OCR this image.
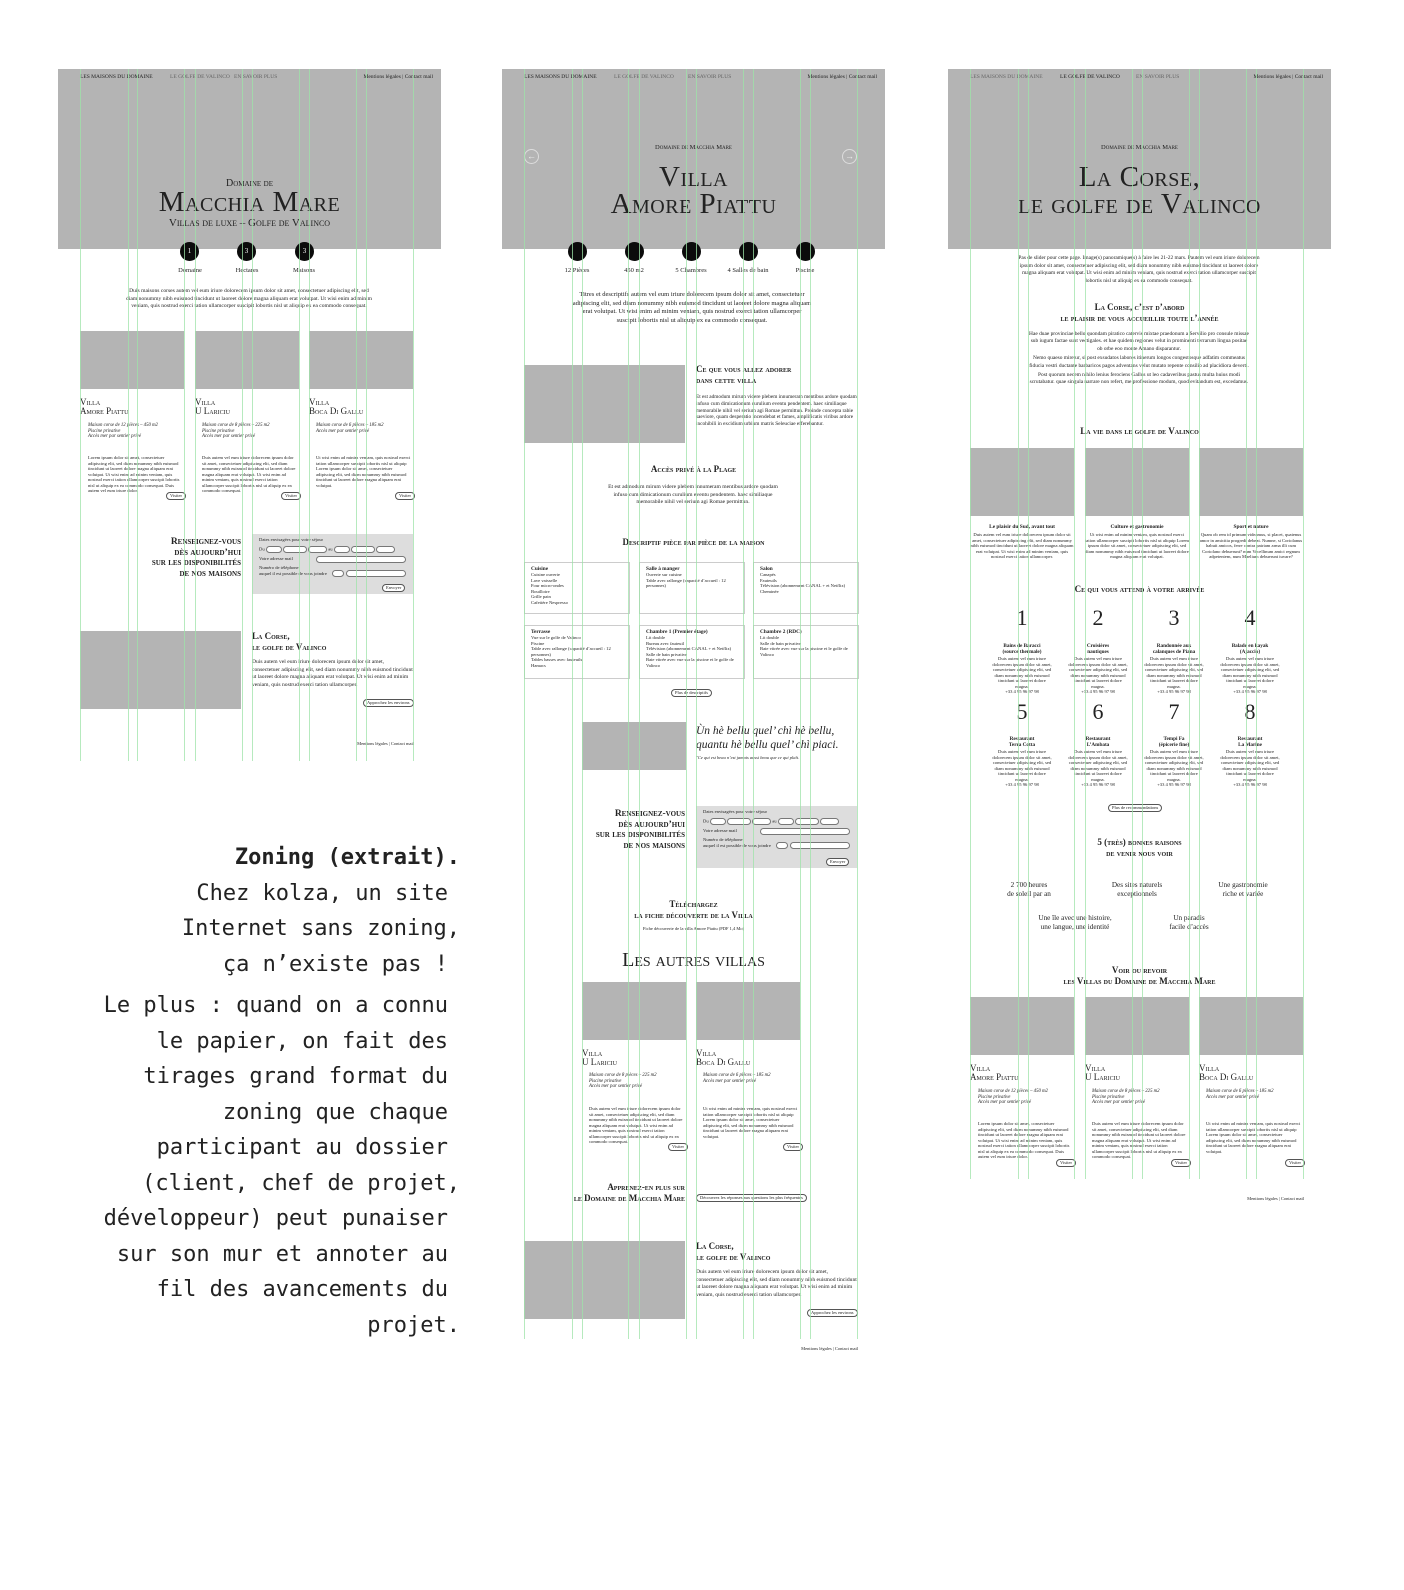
LES MAISONS DU DOMAINE	LE GOLFE DE VALINCO EN SAVOIR PLUS	Mentions légales | Contact mail
Domaine de
Macchia Mare
Villas de luxe – Golfe de Valinco
1	3	3
Domaine	Hectares	Maisons
Duis maisons corses autem vel eum iriure dolorecem ipsum dolor sit amet, consectetuer adipiscing elit, sed diam nonummy nibh euismod tincidunt ut laoreet dolore magna aliquam erat volutpat. Ut wisi enim ad minim veniam, quis nostrud exerci tation ullamcorper suscipit lobortis nisl ut aliquip ex ea commodo consequat.
Villa
Amore Piattu
Villa
U Lariciu
Villa
Boca Di Gallu
Maison corse de 12 pièces – 450 m2
Piscine privative
Accès mer par sentier privé
Maison corse de 8 pièces – 225 m2
Piscine privative
Accès mer par sentier privé
Maison corse de 6 pièces – 185 m2
Accès mer par sentier privé
Lorem ipsum dolor sit amet, consectetuer adipiscing elit, sed diam nonummy nibh euismod tincidunt ut laoreet dolore magna aliquam erat volutpat. Ut wisi enim ad minim veniam, quis nostrud exerci tation ullamcorper suscipit lobortis nisl ut aliquip ex ea commodo consequat. Duis autem vel eum iriure dolor.
Duis autem vel eum iriure dolorecem ipsum dolor sit amet, consectetuer adipiscing elit, sed diam nonummy nibh euismod tincidunt ut laoreet dolore magna aliquam erat volutpat. Ut wisi enim ad minim veniam, quis nostrud exerci tation ullamcorper suscipit lobortis nisl ut aliquip ex ea commodo consequat.
Ut wisi enim ad minim veniam, quis nostrud exerci tation ullamcorper suscipit lobortis nisl ut aliquip Lorem ipsum dolor sit amet, consectetuer adipiscing elit, sed diam nonummy nibh euismod tincidunt ut laoreet dolore magna aliquam erat volutpat.
Visiter	Visiter	Visiter
Renseignez-vous
dès aujourd’hui
sur les disponibilités
de nos maisons
Dates envisagées pour votre séjour
Du	au
Votre adresse mail
Numéro de téléphone
auquel il est possible de vous joindre
Envoyer
La Corse,
le golfe de Valinco
Duis autem vel eum iriure dolorecem ipsum dolor sit amet, consectetuer adipiscing elit, sed diam nonummy nibh euismod tincidunt ut laoreet dolore magna aliquam erat volutpat. Ut wisi enim ad minim veniam, quis nostrud exerci tation ullamcorper.
Approchez les environs
Mentions légales | Contact mail
LES MAISONS DU DOMAINE	LE GOLFE DE VALINCO	EN SAVOIR PLUS	Mentions légales | Contact mail
←	→
Domaine de Macchia Mare
Villa
Amore Piattu
12 Pièces	450 m2	5 Chambres	4 Salles de bain	Piscine
Titres et descriptifs autem vel eum iriure dolorecem ipsum dolor sit amet, consectetuer adipiscing elit, sed diam nonummy nibh euismod tincidunt ut laoreet dolore magna aliquam erat volutpat. Ut wisi enim ad minim veniam, quis nostrud exerci tation ullamcorper suscipit lobortis nisl ut aliquip ex ea commodo consequat.
Ce que vous allez adorer
dans cette villa
Et est admodum mirum videre plebem innumeram mentibus ardore quodam infuso cum dimicationum curulium eventu pendentem. haec similiaque memorabile nihil vel serium agi Romae permittun. Proinde concepta rabie saeviore, quam desperatio incendebat et fames, amplificatis viribus ardore incohibili in excidium urbium matris Seleuciae efferebantur.
Accès privé à la Plage
Et est admodum mirum videre plebem innumeram mentibus ardore quodam infuso cum dimicationum curulium eventu pendentem. haec similiaque memorabile nihil vel serium agi Romae permittun.
Descriptif pièce par pièce de la maison
Cuisine
Cuisine ouverte
Lave vaisselle
Four micro-ondes
Bouilloire
Grille pain
Cafetière Nespresso
Salle à manger
Ouverte sur cuisine
Table avec rallonge (capacité d’accueil : 12 personnes)
Salon
Canapés
Fauteuils
Télévision (abonnement CANAL + et Netflix)
Cheminée
Terrasse
Vue sur le golfe de Valinco
Piscine
Table avec rallonge (capacité d’accueil : 12 personnes)
Tables basses avec fauteuils
Hamacs
Chambre 1 (Premier étage)
Lit double
Bureau avec fauteuil
Télévision (abonnement CANAL + et Netflix)
Salle de bain privative
Baie vitrée avec vue sur la piscine et le golfe de Valinco
Chambre 2 (RDC)
Lit double
Salle de bain privative
Baie vitrée avec vue sur la piscine et le golfe de Valinco
Plus de descriptifs
Ùn hè bellu quel’ chì hè bellu,
quantu hè bellu quel’ chì piaci.
"Ce qui est beau n’est jamais aussi beau que ce qui plaît.
Renseignez-vous
dès aujourd’hui
sur les disponibilités
de nos maisons
Dates envisagées pour votre séjour
Du	au
Votre adresse mail
Numéro de téléphone
auquel il est possible de vous joindre
Envoyer
Téléchargez
la fiche découverte de la Villa
Fiche découverte de la villa Amore Piattu (PDF 1,4 Mo)
Les autres villas
Villa
U Lariciu
Villa
Boca Di Gallu
Maison corse de 8 pièces – 225 m2
Piscine privative
Accès mer par sentier privé
Maison corse de 6 pièces – 185 m2
Accès mer par sentier privé
Duis autem vel eum iriure dolorecem ipsum dolor sit amet, consectetuer adipiscing elit, sed diam nonummy nibh euismod tincidunt ut laoreet dolore magna aliquam erat volutpat. Ut wisi enim ad minim veniam, quis nostrud exerci tation ullamcorper suscipit lobortis nisl ut aliquip ex ea commodo consequat.
Ut wisi enim ad minim veniam, quis nostrud exerci tation ullamcorper suscipit lobortis nisl ut aliquip Lorem ipsum dolor sit amet, consectetuer adipiscing elit, sed diam nonummy nibh euismod tincidunt ut laoreet dolore magna aliquam erat volutpat.
Visiter	Visiter
Apprenez-en plus sur
le Domaine de Macchia Mare	Découvrez les réponses aux questions les plus fréquentes
La Corse,
le golfe de Valinco
Duis autem vel eum iriure dolorecem ipsum dolor sit amet, consectetuer adipiscing elit, sed diam nonummy nibh euismod tincidunt ut laoreet dolore magna aliquam erat volutpat. Ut wisi enim ad minim veniam, quis nostrud exerci tation ullamcorper.
Approchez les environs
Mentions légales | Contact mail
LES MAISONS DU DOMAINE	LE GOLFE DE VALINCO	EN SAVOIR PLUS	Mentions légales | Contact mail
Domaine de Macchia Mare
La Corse,
le golfe de Valinco
Pas de slider pour cette page. Image(s) panoramique(s) à faire les 21-22 mars. Pautem vel eum iriure dolorecem ipsum dolor sit amet, consectetuer adipiscing elit, sed diam nonummy nibh euismod tincidunt ut laoreet dolore magna aliquam erat volutpat. Ut wisi enim ad minim veniam, quis nostrud exerci tation ullamcorper suscipit lobortis nisl ut aliquip ex ea commodo consequat.
La Corse, c’est d’abord
le plaisir de vous accueillir toute l’année
Hae duae provinciae bello quondam piratico catervis mixtae praedonum a Servilio pro consule missae sub iugum factae sunt vectigales. et hae quidem regiones velut in prominenti terrarum lingua positae ob orbe eoo monte Amano disparantur.
Nemo quaeso miretur, si post exsudatos labores itinerum longos congestosque adfatim commeatus fiducia vestri ductante barbaricos pagos adventans velut mutato repente consilio ad placidiora deverti.
Post quorum necem nihilo lenius ferociens Gallus ut leo cadaveribus pastus multa huius modi scrutabatur. quae singula narrare non refert, me professione modum, quod evitandum est, excedamus.
La vie dans le golfe de Valinco
Le plaisir du Sud, avant tout	Culture et gastronomie	Sport et nature
Duis autem vel eum iriure dolorecem ipsum dolor sit amet, consectetuer adipiscing elit, sed diam nonummy nibh euismod tincidunt ut laoreet dolore magna aliquam erat volutpat. Ut wisi enim ad minim veniam, quis nostrud exerci tation ullamcorper.
Ut wisi enim ad minim veniam, quis nostrud exerci tation ullamcorper suscipit lobortis nisl ut aliquip Lorem ipsum dolor sit amet, consectetuer adipiscing elit, sed diam nonummy nibh euismod tincidunt ut laoreet dolore magna aliquam erat volutpat.
Quam ob rem id primum videamus, si placet, quatenus amor in amicitia progredi debeat. Numne, si Coriolanus habuit amicos, ferre contra patriam arma illi cum Coriolano debuerunt? num Vecellinum amici regnum adpetentem, num Maelium debuerunt iuvare?
Ce qui vous attend à votre arrivée
1	2	3	4
Bains de Baracci
(source thermale)
Croisières
nautiques
Randonnée aux
calanques de Piana
Balade en kayak
(Ajaccio)
Duis autem vel eum iriure dolorecem ipsum dolor sit amet, consectetuer adipiscing elit, sed diam nonummy nibh euismod tincidunt ut laoreet dolore magna.
+33 4 95 96 97 98
Duis autem vel eum iriure dolorecem ipsum dolor sit amet, consectetuer adipiscing elit, sed diam nonummy nibh euismod tincidunt ut laoreet dolore magna.
+33 4 95 96 97 98
Duis autem vel eum iriure dolorecem ipsum dolor sit amet, consectetuer adipiscing elit, sed diam nonummy nibh euismod tincidunt ut laoreet dolore magna.
+33 4 95 96 97 98
Duis autem vel eum iriure dolorecem ipsum dolor sit amet, consectetuer adipiscing elit, sed diam nonummy nibh euismod tincidunt ut laoreet dolore magna.
+33 4 95 96 97 98
5	6	7	8
Restaurant
Terra Cotta
Restaurant
L’Ambata
Tempi Fa
(épicerie fine)
Restaurant
La Marine
Duis autem vel eum iriure dolorecem ipsum dolor sit amet, consectetuer adipiscing elit, sed diam nonummy nibh euismod tincidunt ut laoreet dolore magna.
+33 4 95 96 97 98
Duis autem vel eum iriure dolorecem ipsum dolor sit amet, consectetuer adipiscing elit, sed diam nonummy nibh euismod tincidunt ut laoreet dolore magna.
+33 4 95 96 97 98
Duis autem vel eum iriure dolorecem ipsum dolor sit amet, consectetuer adipiscing elit, sed diam nonummy nibh euismod tincidunt ut laoreet dolore magna.
+33 4 95 96 97 98
Duis autem vel eum iriure dolorecem ipsum dolor sit amet, consectetuer adipiscing elit, sed diam nonummy nibh euismod tincidunt ut laoreet dolore magna.
+33 4 95 96 97 98
Plus de recommandations
5 (très) bonnes raisons
de venir nous voir
2 700 heures
de soleil par an
Des sites naturels
exceptionnels
Une gastronomie
riche et variée
Une île avec une histoire,
une langue, une identité
Un paradis
facile d’accès
Voir ou revoir
les Villas du Domaine de Macchia Mare
Villa
Amore Piattu
Villa
U Lariciu
Villa
Boca Di Gallu
Maison corse de 12 pièces – 450 m2
Piscine privative
Accès mer par sentier privé
Maison corse de 8 pièces – 225 m2
Piscine privative
Accès mer par sentier privé
Maison corse de 6 pièces – 185 m2
Accès mer par sentier privé
Lorem ipsum dolor sit amet, consectetuer adipiscing elit, sed diam nonummy nibh euismod tincidunt ut laoreet dolore magna aliquam erat volutpat. Ut wisi enim ad minim veniam, quis nostrud exerci tation ullamcorper suscipit lobortis nisl ut aliquip ex ea commodo consequat. Duis autem vel eum iriure dolor.
Duis autem vel eum iriure dolorecem ipsum dolor sit amet, consectetuer adipiscing elit, sed diam nonummy nibh euismod tincidunt ut laoreet dolore magna aliquam erat volutpat. Ut wisi enim ad minim veniam, quis nostrud exerci tation ullamcorper suscipit lobortis nisl ut aliquip ex ea commodo consequat.
Ut wisi enim ad minim veniam, quis nostrud exerci tation ullamcorper suscipit lobortis nisl ut aliquip Lorem ipsum dolor sit amet, consectetuer adipiscing elit, sed diam nonummy nibh euismod tincidunt ut laoreet dolore magna aliquam erat volutpat.
Visiter	Visiter	Visiter
Mentions légales | Contact mail
Zoning (extrait).
Chez kolza, un site
Internet sans zoning,
ça n’existe pas !
Le plus : quand on a connu
le papier, on fait des
tirages grand format du
zoning que chaque
participant au dossier
(client, chef de projet,
développeur) peut punaiser
sur son mur et annoter au
fil des avancements du
projet.
